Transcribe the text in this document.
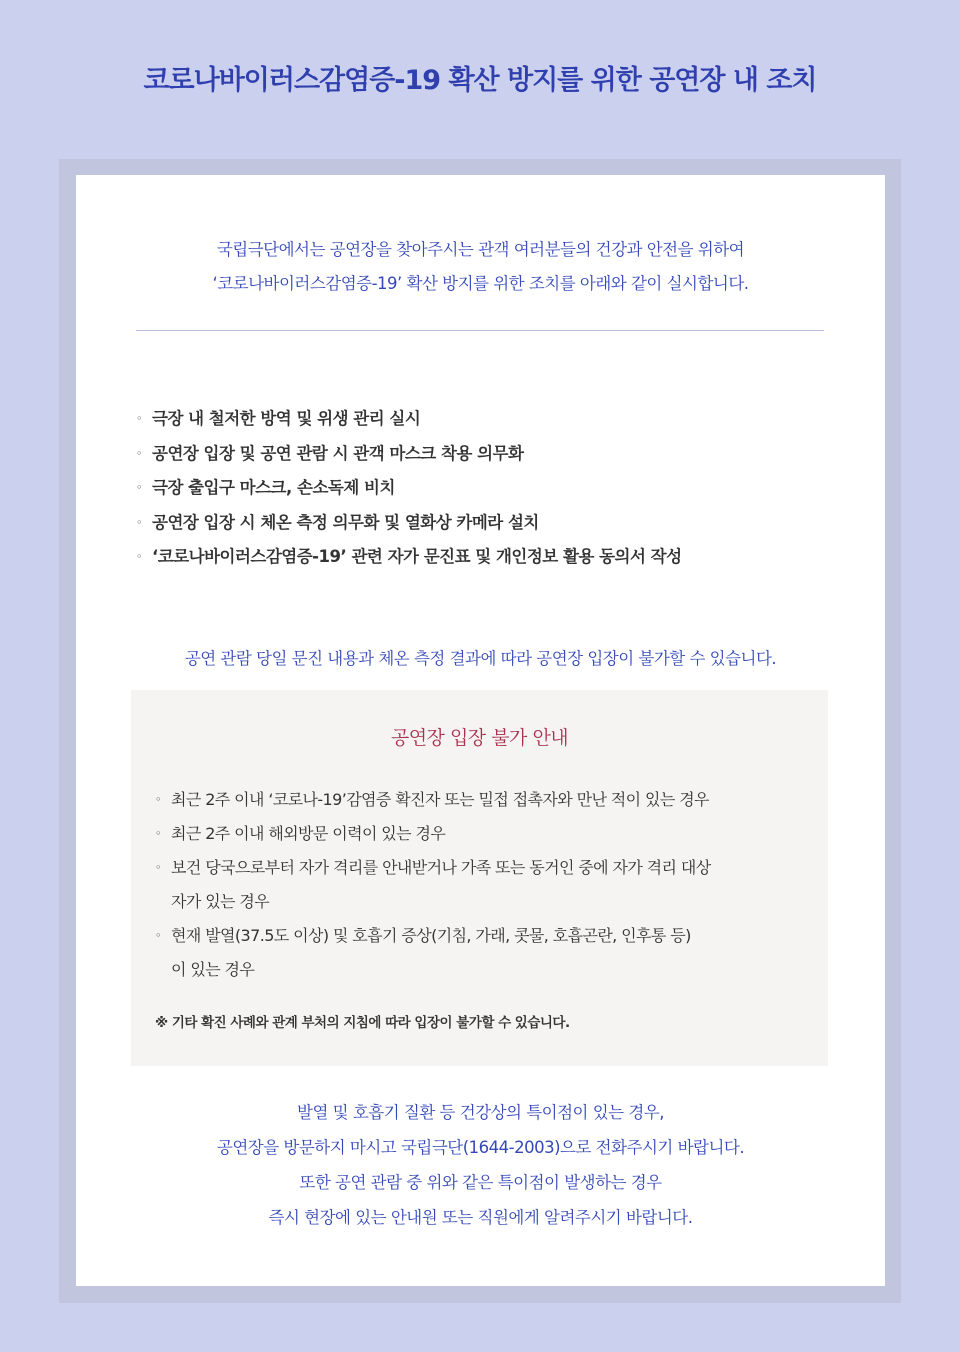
코로나바이러스감염증-19 확산 방지를 위한 공연장 내 조치
국립극단에서는 공연장을 찾아주시는 관객 여러분들의 건강과 안전을 위하여
‘코로나바이러스감염증-19’ 확산 방지를 위한 조치를 아래와 같이 실시합니다.
◦ 극장 내 철저한 방역 및 위생 관리 실시
◦ 공연장 입장 및 공연 관람 시 관객 마스크 착용 의무화
◦ 극장 출입구 마스크, 손소독제 비치
◦ 공연장 입장 시 체온 측정 의무화 및 열화상 카메라 설치
◦ ‘코로나바이러스감염증-19’ 관련 자가 문진표 및 개인정보 활용 동의서 작성
공연 관람 당일 문진 내용과 체온 측정 결과에 따라 공연장 입장이 불가할 수 있습니다.
공연장 입장 불가 안내
◦ 최근 2주 이내 ‘코로나-19’감염증 확진자 또는 밀접 접촉자와 만난 적이 있는 경우
◦ 최근 2주 이내 해외방문 이력이 있는 경우
◦ 보건 당국으로부터 자가 격리를 안내받거나 가족 또는 동거인 중에 자가 격리 대상
자가 있는 경우
◦ 현재 발열(37.5도 이상) 및 호흡기 증상(기침, 가래, 콧물, 호흡곤란, 인후통 등)
이 있는 경우
※ 기타 확진 사례와 관계 부처의 지침에 따라 입장이 불가할 수 있습니다.
발열 및 호흡기 질환 등 건강상의 특이점이 있는 경우,
공연장을 방문하지 마시고 국립극단(1644-2003)으로 전화주시기 바랍니다.
또한 공연 관람 중 위와 같은 특이점이 발생하는 경우
즉시 현장에 있는 안내원 또는 직원에게 알려주시기 바랍니다.
